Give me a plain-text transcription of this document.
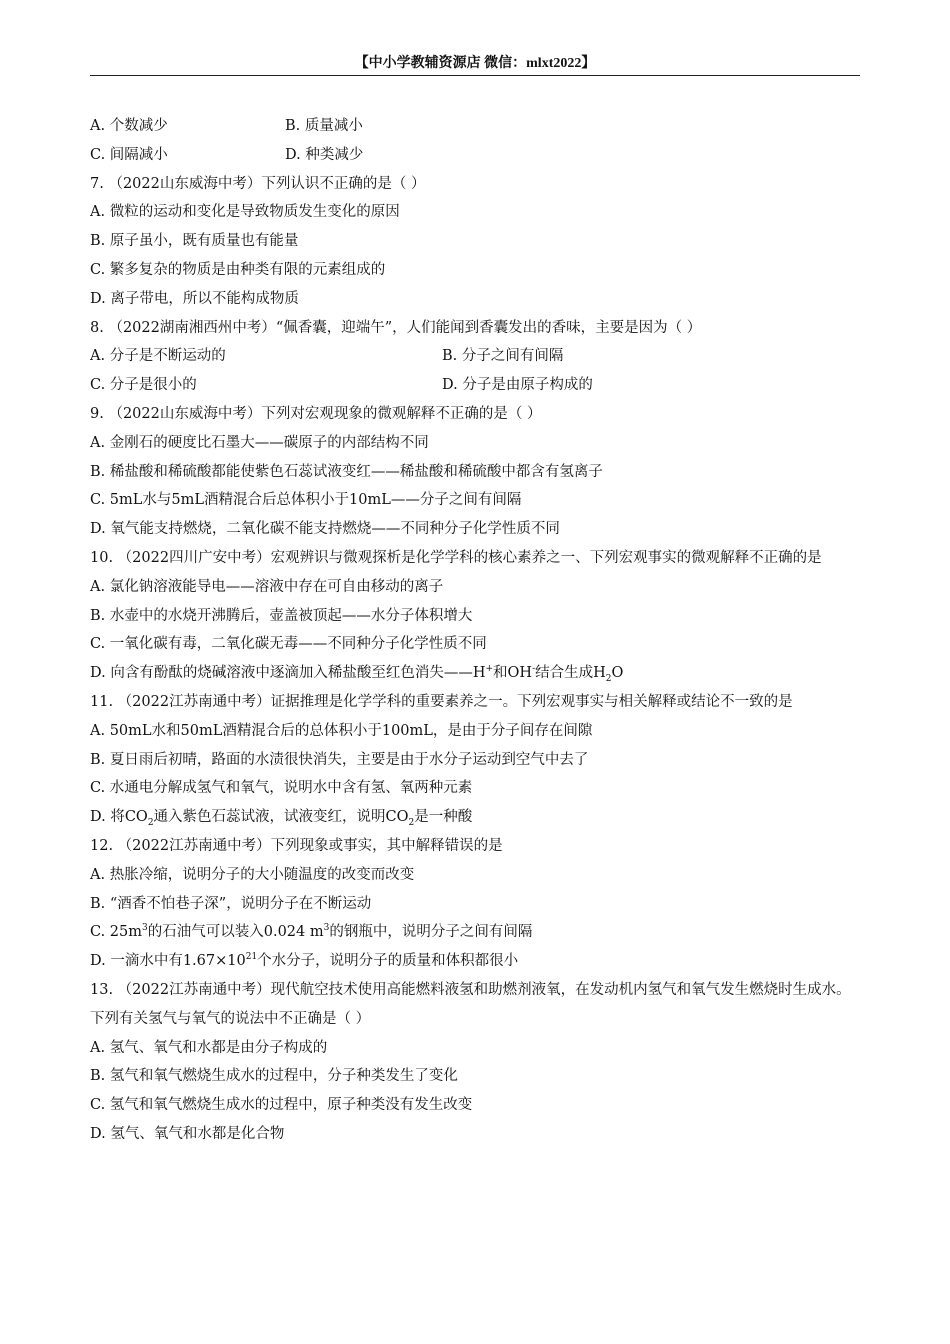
【中小学教辅资源店 微信：mlxt2022】
A. 个数减少	B. 质量减小
C. 间隔减小	D. 种类减少
7. （2022山东威海中考）下列认识不正确的是（ ）
A. 微粒的运动和变化是导致物质发生变化的原因
B. 原子虽小，既有质量也有能量
C. 繁多复杂的物质是由种类有限的元素组成的
D. 离子带电，所以不能构成物质
8. （2022湖南湘西州中考）“佩香囊，迎端午”，人们能闻到香囊发出的香味，主要是因为（ ）
A. 分子是不断运动的	B. 分子之间有间隔
C. 分子是很小的	D. 分子是由原子构成的
9. （2022山东威海中考）下列对宏观现象的微观解释不正确的是（ ）
A. 金刚石的硬度比石墨大——碳原子的内部结构不同
B. 稀盐酸和稀硫酸都能使紫色石蕊试液变红——稀盐酸和稀硫酸中都含有氢离子
C. 5mL水与5mL酒精混合后总体积小于10mL——分子之间有间隔
D. 氧气能支持燃烧，二氧化碳不能支持燃烧——不同种分子化学性质不同
10. （2022四川广安中考）宏观辨识与微观探析是化学学科的核心素养之一、下列宏观事实的微观解释不正确的是
A. 氯化钠溶液能导电——溶液中存在可自由移动的离子
B. 水壶中的水烧开沸腾后，壶盖被顶起——水分子体积增大
C. 一氧化碳有毒，二氧化碳无毒——不同种分子化学性质不同
D. 向含有酚酞的烧碱溶液中逐滴加入稀盐酸至红色消失——H+和OH-结合生成$H_2O$
11. （2022江苏南通中考）证据推理是化学学科的重要素养之一。下列宏观事实与相关解释或结论不一致的是
A. 50mL水和50mL酒精混合后的总体积小于100mL，是由于分子间存在间隙
B. 夏日雨后初晴，路面的水渍很快消失，主要是由于水分子运动到空气中去了
C. 水通电分解成氢气和氧气，说明水中含有氢、氧两种元素
D. 将$CO_2$通入紫色石蕊试液，试液变红，说明$CO_2$是一种酸
12. （2022江苏南通中考）下列现象或事实，其中解释错误的是
A. 热胀冷缩，说明分子的大小随温度的改变而改变
B. “酒香不怕巷子深”，说明分子在不断运动
C. $25m^3$的石油气可以装入0.024 $m^3$的钢瓶中，说明分子之间有间隔
D. 一滴水中有$1.67\times 10^{21}$个水分子，说明分子的质量和体积都很小
13. （2022江苏南通中考）现代航空技术使用高能燃料液氢和助燃剂液氧，在发动机内氢气和氧气发生燃烧时生成水。下列有关氢气与氧气的说法中不正确是（ ）
A. 氢气、氧气和水都是由分子构成的
B. 氢气和氧气燃烧生成水的过程中，分子种类发生了变化
C. 氢气和氧气燃烧生成水的过程中，原子种类没有发生改变
D. 氢气、氧气和水都是化合物
